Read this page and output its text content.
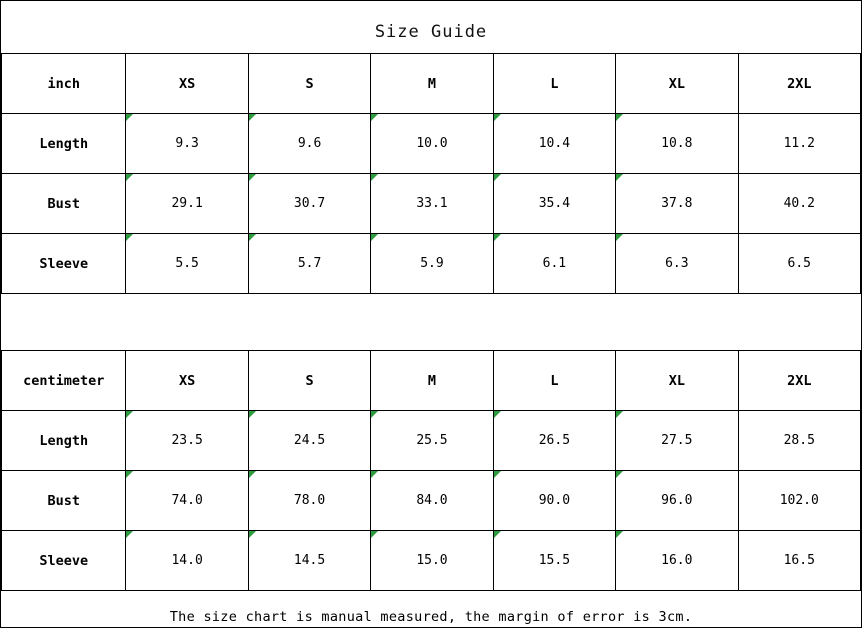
Size Guide
inch	XS	S	M	L	XL	2XL
Length	9.3	9.6	10.0	10.4	10.8	11.2
Bust	29.1	30.7	33.1	35.4	37.8	40.2
Sleeve	5.5	5.7	5.9	6.1	6.3	6.5
centimeter	XS	S	M	L	XL	2XL
Length	23.5	24.5	25.5	26.5	27.5	28.5
Bust	74.0	78.0	84.0	90.0	96.0	102.0
Sleeve	14.0	14.5	15.0	15.5	16.0	16.5
The size chart is manual measured, the margin of error is 3cm.
